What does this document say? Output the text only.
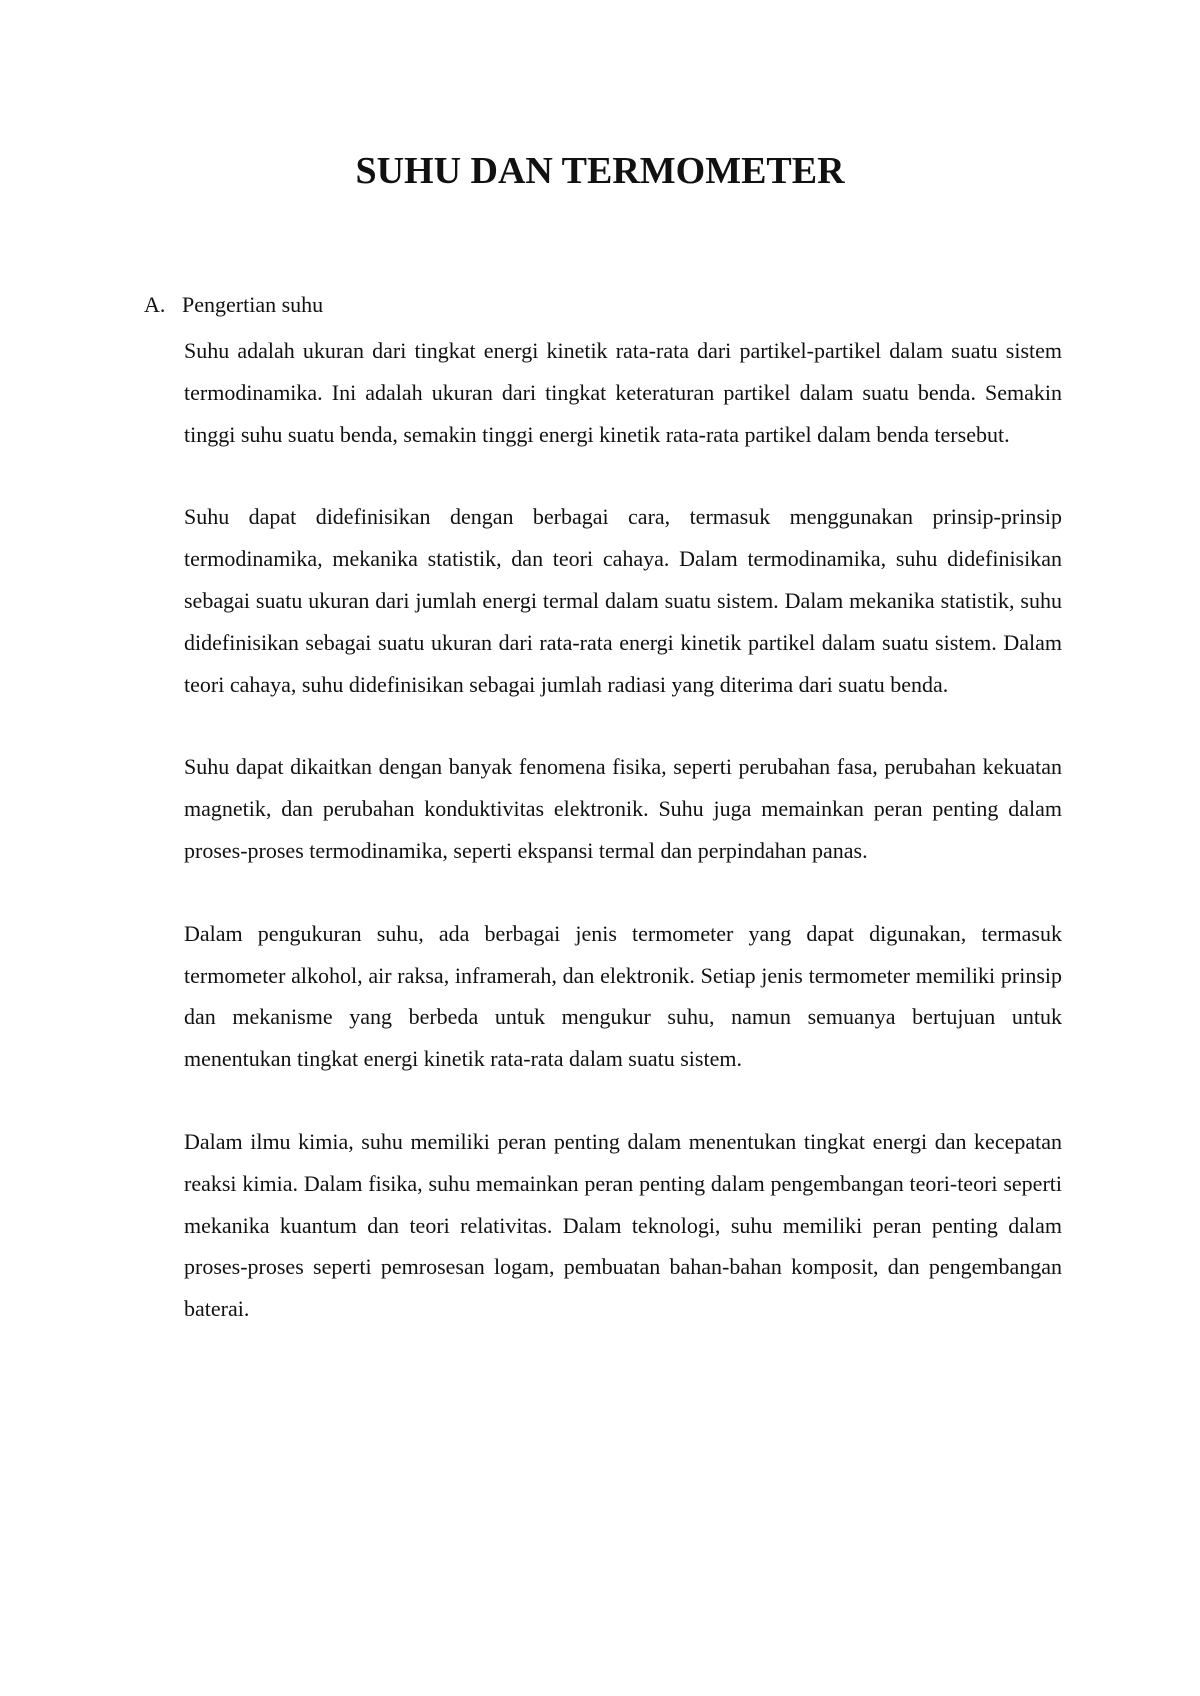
SUHU DAN TERMOMETER
A. Pengertian suhu

Suhu adalah ukuran dari tingkat energi kinetik rata-rata dari partikel-partikel dalam suatu sistem termodinamika. Ini adalah ukuran dari tingkat keteraturan partikel dalam suatu benda. Semakin tinggi suhu suatu benda, semakin tinggi energi kinetik rata-rata partikel dalam benda tersebut.

Suhu dapat didefinisikan dengan berbagai cara, termasuk menggunakan prinsip-prinsip termodinamika, mekanika statistik, dan teori cahaya. Dalam termodinamika, suhu didefinisikan sebagai suatu ukuran dari jumlah energi termal dalam suatu sistem. Dalam mekanika statistik, suhu didefinisikan sebagai suatu ukuran dari rata-rata energi kinetik partikel dalam suatu sistem. Dalam teori cahaya, suhu didefinisikan sebagai jumlah radiasi yang diterima dari suatu benda.

Suhu dapat dikaitkan dengan banyak fenomena fisika, seperti perubahan fasa, perubahan kekuatan magnetik, dan perubahan konduktivitas elektronik. Suhu juga memainkan peran penting dalam proses-proses termodinamika, seperti ekspansi termal dan perpindahan panas.

Dalam pengukuran suhu, ada berbagai jenis termometer yang dapat digunakan, termasuk termometer alkohol, air raksa, inframerah, dan elektronik. Setiap jenis termometer memiliki prinsip dan mekanisme yang berbeda untuk mengukur suhu, namun semuanya bertujuan untuk menentukan tingkat energi kinetik rata-rata dalam suatu sistem.

Dalam ilmu kimia, suhu memiliki peran penting dalam menentukan tingkat energi dan kecepatan reaksi kimia. Dalam fisika, suhu memainkan peran penting dalam pengembangan teori-teori seperti mekanika kuantum dan teori relativitas. Dalam teknologi, suhu memiliki peran penting dalam proses-proses seperti pemrosesan logam, pembuatan bahan-bahan komposit, dan pengembangan baterai.
